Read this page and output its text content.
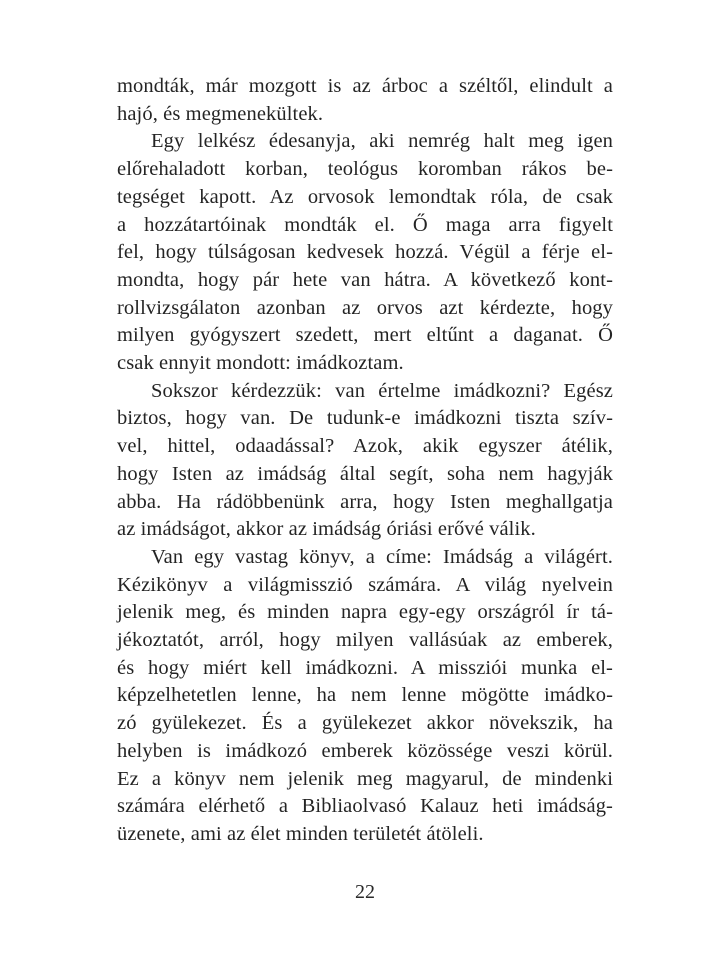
mondták, már mozgott is az árboc a széltől, elindult a
hajó, és megmenekültek.
Egy lelkész édesanyja, aki nemrég halt meg igen
előrehaladott korban, teológus koromban rákos be-
tegséget kapott. Az orvosok lemondtak róla, de csak
a hozzátartóinak mondták el. Ő maga arra figyelt
fel, hogy túlságosan kedvesek hozzá. Végül a férje el-
mondta, hogy pár hete van hátra. A következő kont-
rollvizsgálaton azonban az orvos azt kérdezte, hogy
milyen gyógyszert szedett, mert eltűnt a daganat. Ő
csak ennyit mondott: imádkoztam.
Sokszor kérdezzük: van értelme imádkozni? Egész
biztos, hogy van. De tudunk-e imádkozni tiszta szív-
vel, hittel, odaadással? Azok, akik egyszer átélik,
hogy Isten az imádság által segít, soha nem hagyják
abba. Ha rádöbbenünk arra, hogy Isten meghallgatja
az imádságot, akkor az imádság óriási erővé válik.
Van egy vastag könyv, a címe: Imádság a világért.
Kézikönyv a világmisszió számára. A világ nyelvein
jelenik meg, és minden napra egy-egy országról ír tá-
jékoztatót, arról, hogy milyen vallásúak az emberek,
és hogy miért kell imádkozni. A missziói munka el-
képzelhetetlen lenne, ha nem lenne mögötte imádko-
zó gyülekezet. És a gyülekezet akkor növekszik, ha
helyben is imádkozó emberek közössége veszi körül.
Ez a könyv nem jelenik meg magyarul, de mindenki
számára elérhető a Bibliaolvasó Kalauz heti imádság-
üzenete, ami az élet minden területét átöleli.
22
